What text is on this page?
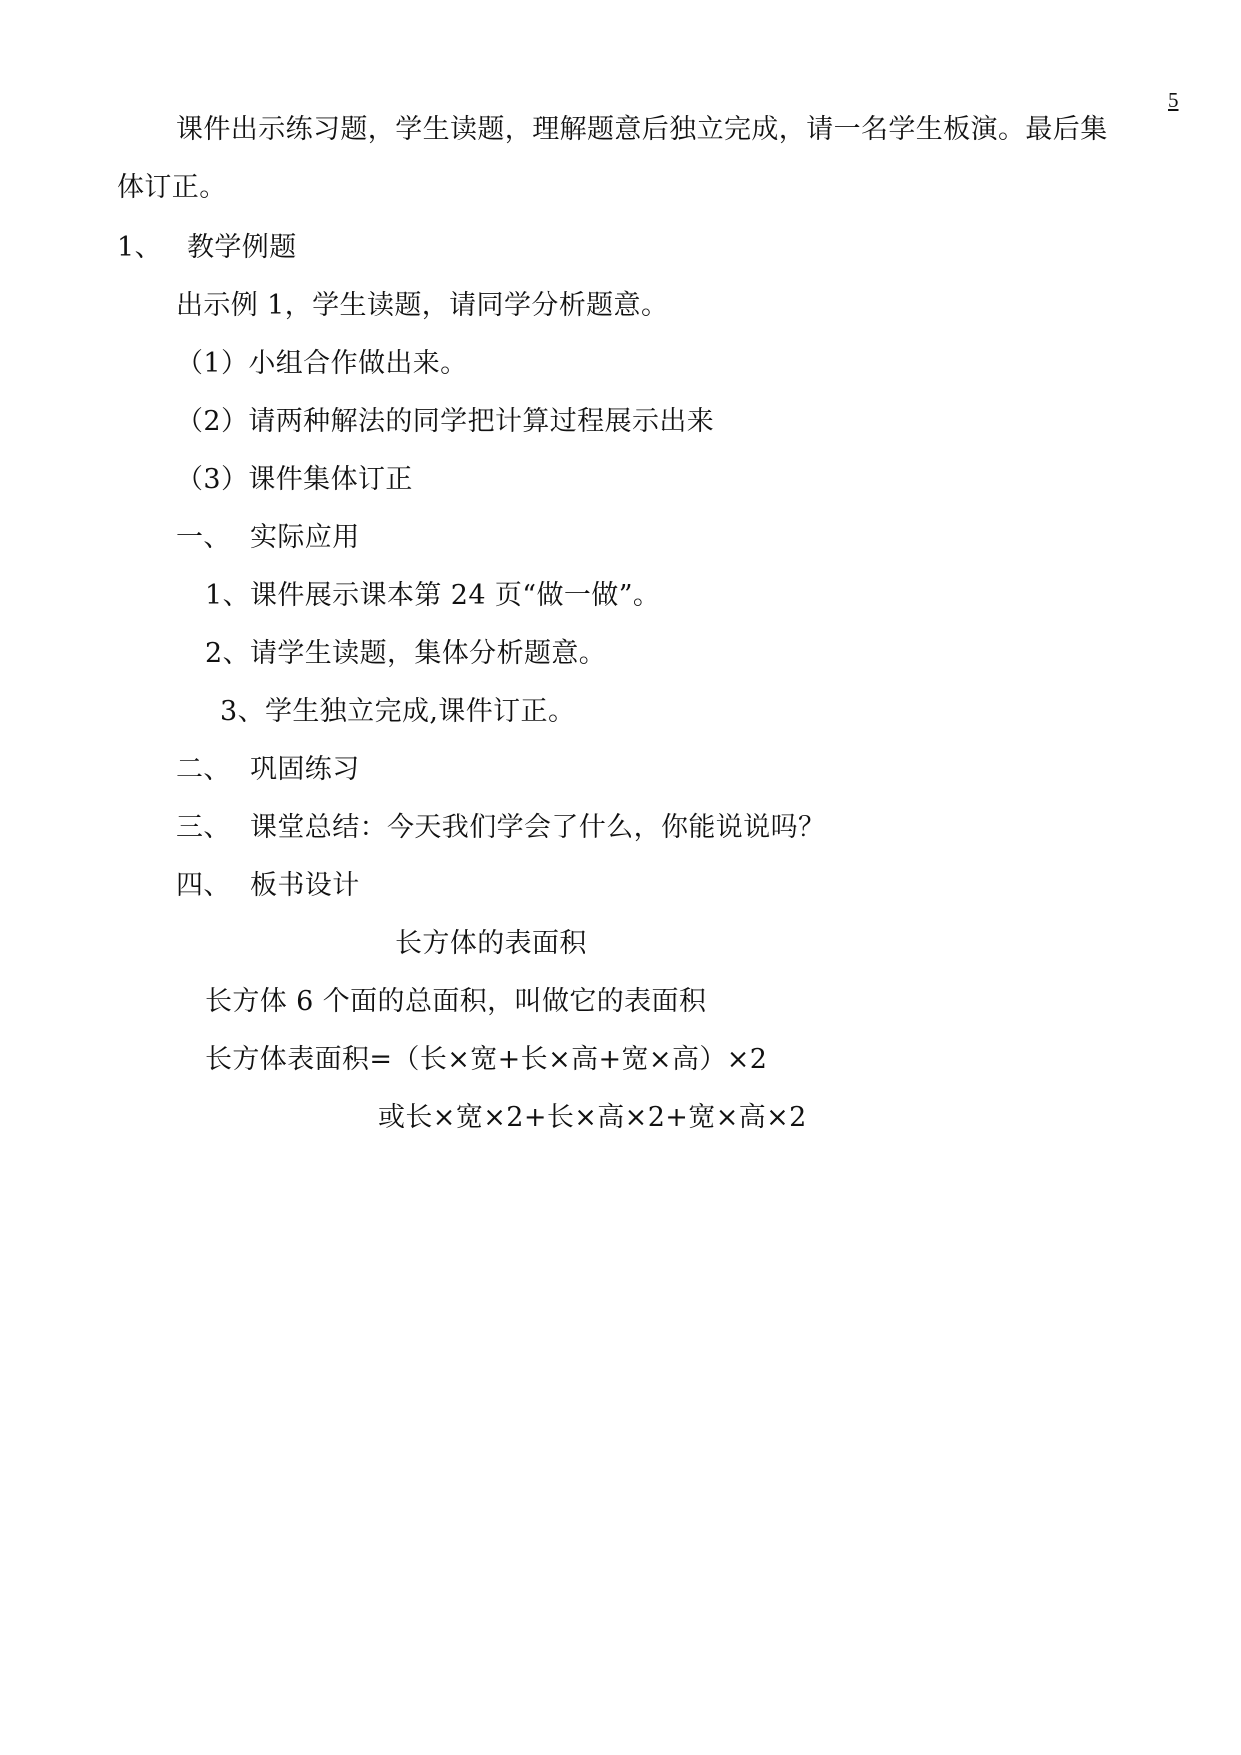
5
课件出示练习题，学生读题，理解题意后独立完成，请一名学生板演。最后集
体订正。
1、 教学例题
出示例 1，学生读题，请同学分析题意。
（1）小组合作做出来。
（2）请两种解法的同学把计算过程展示出来
（3）课件集体订正
一、 实际应用
1、课件展示课本第 24 页“做一做”。
2、请学生读题，集体分析题意。
3、学生独立完成,课件订正。
二、 巩固练习
三、 课堂总结：今天我们学会了什么，你能说说吗？
四、 板书设计
长方体的表面积
长方体 6 个面的总面积，叫做它的表面积
长方体表面积=（长×宽+长×高+宽×高）×2
或长×宽×2+长×高×2+宽×高×2
